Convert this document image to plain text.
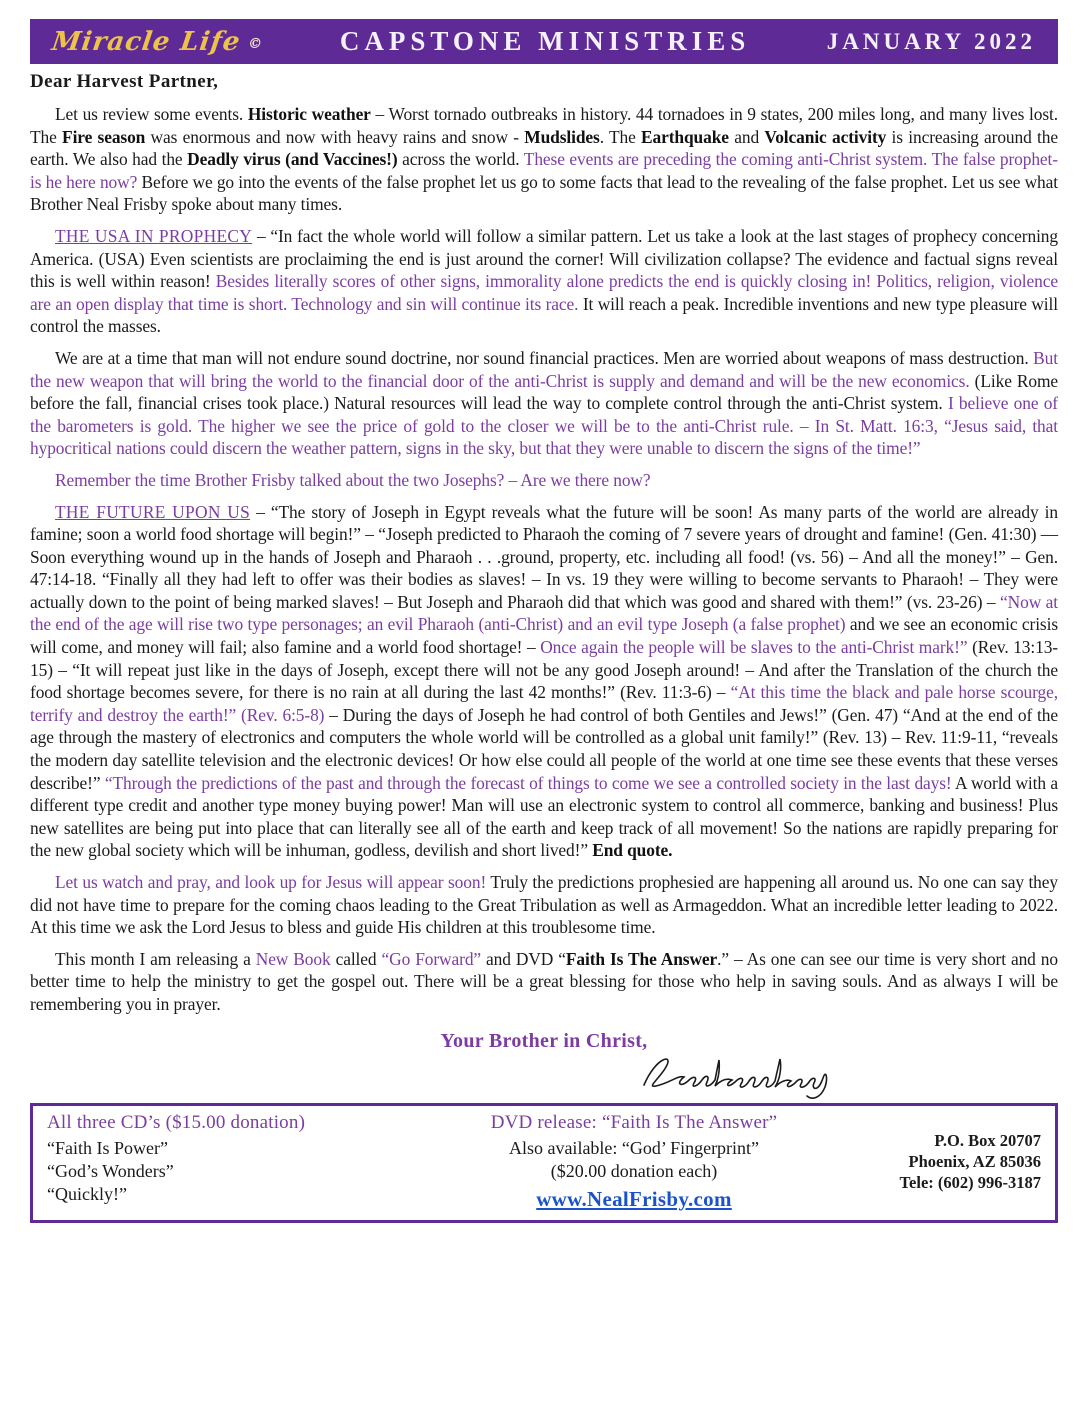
Miracle Life ©	CAPSTONE MINISTRIES	JANUARY 2022
Dear Harvest Partner,

Let us review some events. Historic weather – Worst tornado outbreaks in history. 44 tornadoes in 9 states, 200 miles long, and many lives lost. The Fire season was enormous and now with heavy rains and snow - Mudslides. The Earthquake and Volcanic activity is increasing around the earth. We also had the Deadly virus (and Vaccines!) across the world. These events are preceding the coming anti-Christ system. The false prophet- is he here now? Before we go into the events of the false prophet let us go to some facts that lead to the revealing of the false prophet. Let us see what Brother Neal Frisby spoke about many times.

THE USA IN PROPHECY – “In fact the whole world will follow a similar pattern. Let us take a look at the last stages of prophecy concerning America. (USA) Even scientists are proclaiming the end is just around the corner! Will civilization collapse? The evidence and factual signs reveal this is well within reason! Besides literally scores of other signs, immorality alone predicts the end is quickly closing in! Politics, religion, violence are an open display that time is short. Technology and sin will continue its race. It will reach a peak. Incredible inventions and new type pleasure will control the masses.

We are at a time that man will not endure sound doctrine, nor sound financial practices. Men are worried about weapons of mass destruction. But the new weapon that will bring the world to the financial door of the anti-Christ is supply and demand and will be the new economics. (Like Rome before the fall, financial crises took place.) Natural resources will lead the way to complete control through the anti-Christ system. I believe one of the barometers is gold. The higher we see the price of gold to the closer we will be to the anti-Christ rule. – In St. Matt. 16:3, “Jesus said, that hypocritical nations could discern the weather pattern, signs in the sky, but that they were unable to discern the signs of the time!”

Remember the time Brother Frisby talked about the two Josephs? – Are we there now?

THE FUTURE UPON US – “The story of Joseph in Egypt reveals what the future will be soon! As many parts of the world are already in famine; soon a world food shortage will begin!” – “Joseph predicted to Pharaoh the coming of 7 severe years of drought and famine! (Gen. 41:30) ––Soon everything wound up in the hands of Joseph and Pharaoh . . .ground, property, etc. including all food! (vs. 56) – And all the money!” – Gen. 47:14-18. “Finally all they had left to offer was their bodies as slaves! – In vs. 19 they were willing to become servants to Pharaoh! – They were actually down to the point of being marked slaves! – But Joseph and Pharaoh did that which was good and shared with them!” (vs. 23-26) – “Now at the end of the age will rise two type personages; an evil Pharaoh (anti-Christ) and an evil type Joseph (a false prophet) and we see an economic crisis will come, and money will fail; also famine and a world food shortage! – Once again the people will be slaves to the anti-Christ mark!” (Rev. 13:13-15) – “It will repeat just like in the days of Joseph, except there will not be any good Joseph around! – And after the Translation of the church the food shortage becomes severe, for there is no rain at all during the last 42 months!” (Rev. 11:3-6) – “At this time the black and pale horse scourge, terrify and destroy the earth!” (Rev. 6:5-8) – During the days of Joseph he had control of both Gentiles and Jews!” (Gen. 47) “And at the end of the age through the mastery of electronics and computers the whole world will be controlled as a global unit family!” (Rev. 13) – Rev. 11:9-11, “reveals the modern day satellite television and the electronic devices! Or how else could all people of the world at one time see these events that these verses describe!” “Through the predictions of the past and through the forecast of things to come we see a controlled society in the last days! A world with a different type credit and another type money buying power! Man will use an electronic system to control all commerce, banking and business! Plus new satellites are being put into place that can literally see all of the earth and keep track of all movement! So the nations are rapidly preparing for the new global society which will be inhuman, godless, devilish and short lived!” End quote.

Let us watch and pray, and look up for Jesus will appear soon! Truly the predictions prophesied are happening all around us. No one can say they did not have time to prepare for the coming chaos leading to the Great Tribulation as well as Armageddon. What an incredible letter leading to 2022. At this time we ask the Lord Jesus to bless and guide His children at this troublesome time.

This month I am releasing a New Book called “Go Forward” and DVD “Faith Is The Answer.” – As one can see our time is very short and no better time to help the ministry to get the gospel out. There will be a great blessing for those who help in saving souls. And as always I will be remembering you in prayer.

Your Brother in Christ,
All three CD’s ($15.00 donation)
“Faith Is Power”
“God’s Wonders”
“Quickly!”
DVD release: “Faith Is The Answer”
Also available: “God’ Fingerprint”
($20.00 donation each)
www.NealFrisby.com
P.O. Box 20707
Phoenix, AZ 85036
Tele: (602) 996-3187
